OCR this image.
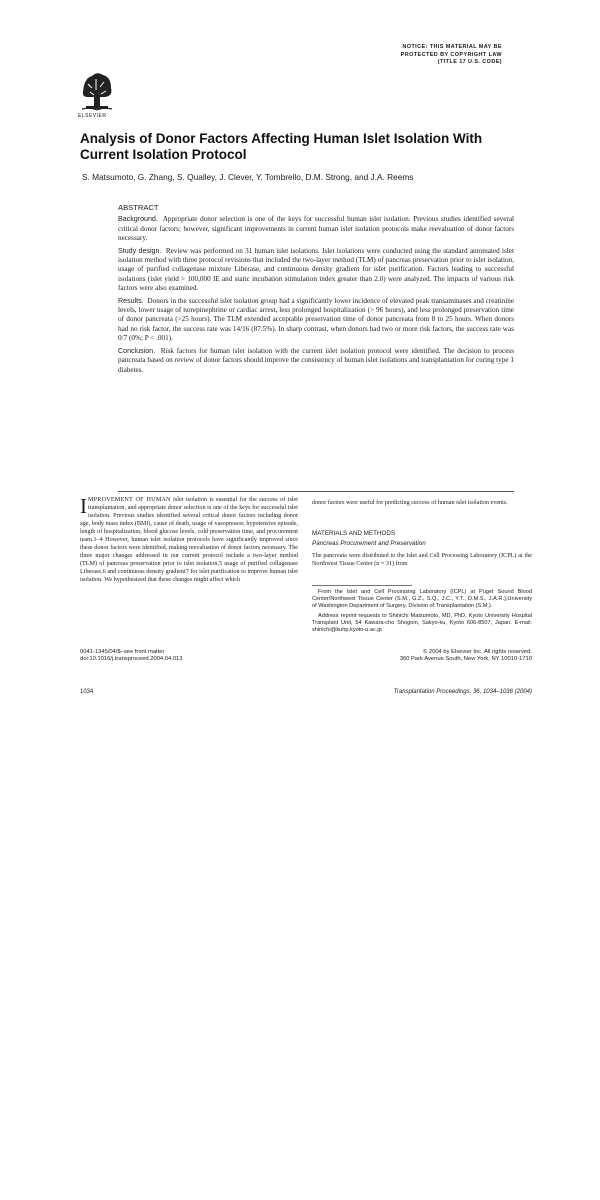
NOTICE: THIS MATERIAL MAY BE
PROTECTED BY COPYRIGHT LAW
(TITLE 17 U.S. CODE)
ELSEVIER
Analysis of Donor Factors Affecting Human Islet Isolation With Current Isolation Protocol
S. Matsumoto, G. Zhang, S. Qualley, J. Clever, Y. Tombrello, D.M. Strong, and J.A. Reems
ABSTRACT

Background. Appropriate donor selection is one of the keys for successful human islet isolation. Previous studies identified several critical donor factors; however, significant improvements in current human islet isolation protocols make reevaluation of donor factors necessary.

Study design. Review was performed on 31 human islet isolations. Islet isolations were conducted using the standard automated islet isolation method with three protocol revisions that included the two-layer method (TLM) of pancreas preservation prior to islet isolation, usage of purified collagenase mixture Liberase, and continuous density gradient for islet purification. Factors leading to successful isolations (islet yield > 100,000 IE and static incubation stimulation index greater than 2.0) were analyzed. The impacts of various risk factors were also examined.

Results. Donors in the successful islet isolation group had a significantly lower incidence of elevated peak transaminases and creatinine levels, lower usage of norepinephrine or cardiac arrest, less prolonged hospitalization (> 96 hours), and less prolonged preservation time of donor pancreata (>25 hours). The TLM extended acceptable preservation time of donor pancreata from 8 to 25 hours. When donors had no risk factor, the success rate was 14/16 (87.5%). In sharp contrast, when donors had two or more risk factors, the success rate was 0/7 (0%; P < .001).

Conclusion. Risk factors for human islet isolation with the current islet isolation protocol were identified. The decision to process pancreata based on review of donor factors should improve the consistency of human islet isolations and transplantation for curing type 1 diabetes.

IMPROVEMENT OF HUMAN islet isolation is essential for the success of islet transplantation, and appropriate donor selection is one of the keys for successful islet isolation. Previous studies identified several critical donor factors including donor age, body mass index (BMI), cause of death, usage of vasopressor, hypotensive episode, length of hospitalization, blood glucose levels, cold preservation time, and procurement team.1–4 However, human islet isolation protocols have significantly improved since these donor factors were identified, making reevaluation of donor factors necessary. The three major changes addressed in our current protocol include a two-layer method (TLM) of pancreas preservation prior to islet isolation,5 usage of purified collagenase Liberase,6 and continuous density gradient7 for islet purification to improve human islet isolation. We hypothesized that these changes might affect which

donor factors were useful for predicting success of human islet isolation events.

MATERIALS AND METHODS
Pancreas Procurement and Preservation

The pancreata were distributed to the Islet and Cell Processing Laboratory (ICPL) at the Northwest Tissue Center (n = 31) from

From the Islet and Cell Processing Laboratory (ICPL) at Puget Sound Blood Center/Northwest Tissue Center (S.M., G.Z., S.Q., J.C., Y.T., D.M.S., J.A.R.),University of Washington Department of Surgery, Division of Transplantation (S.M.).

Address reprint requests to Shinichi Matsumoto, MD, PhD, Kyoto University Hospital Transplant Unit, 54 Kawara-cho Shogoin, Sakyo-ku, Kyoto 606-8507, Japan. E-mail: shinichi@kuhp.kyoto-u.ac.jp

0041-1345/04/$–see front matter
doi:10.1016/j.transproceed.2004.04.013
© 2004 by Elsevier Inc. All rights reserved.
360 Park Avenue South, New York, NY 10010-1710
1034	Transplantation Proceedings, 36, 1034–1036 (2004)
